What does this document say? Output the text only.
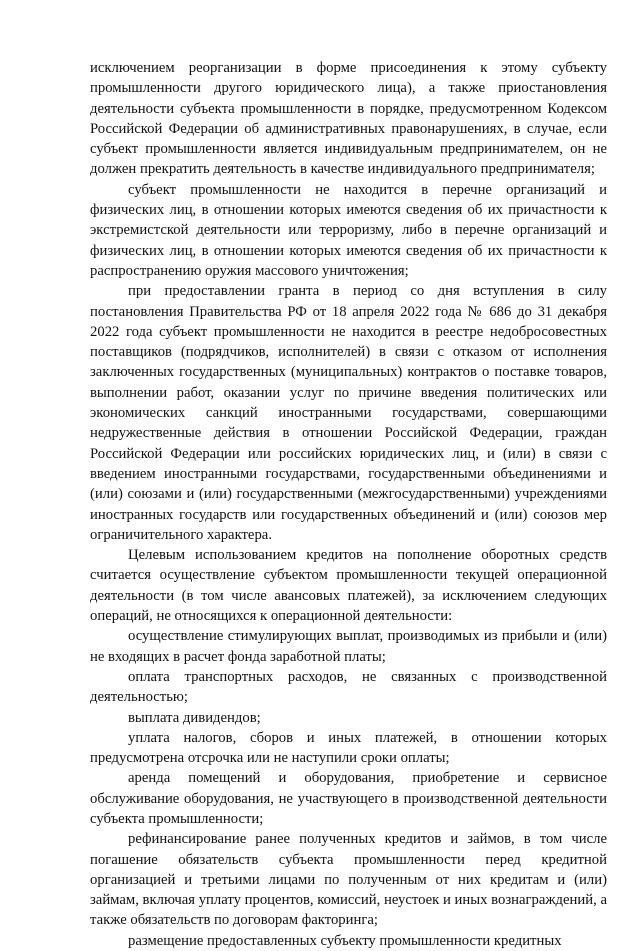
исключением реорганизации в форме присоединения к этому субъекту промышленности другого юридического лица), а также приостановления деятельности субъекта промышленности в порядке, предусмотренном Кодексом Российской Федерации об административных правонарушениях, в случае, если субъект промышленности является индивидуальным предпринимателем, он не должен прекратить деятельность в качестве индивидуального предпринимателя;

субъект промышленности не находится в перечне организаций и физических лиц, в отношении которых имеются сведения об их причастности к экстремистской деятельности или терроризму, либо в перечне организаций и физических лиц, в отношении которых имеются сведения об их причастности к распространению оружия массового уничтожения;

при предоставлении гранта в период со дня вступления в силу постановления Правительства РФ от 18 апреля 2022 года № 686 до 31 декабря 2022 года субъект промышленности не находится в реестре недобросовестных поставщиков (подрядчиков, исполнителей) в связи с отказом от исполнения заключенных государственных (муниципальных) контрактов о поставке товаров, выполнении работ, оказании услуг по причине введения политических или экономических санкций иностранными государствами, совершающими недружественные действия в отношении Российской Федерации, граждан Российской Федерации или российских юридических лиц, и (или) в связи с введением иностранными государствами, государственными объединениями и (или) союзами и (или) государственными (межгосударственными) учреждениями иностранных государств или государственных объединений и (или) союзов мер ограничительного характера.

Целевым использованием кредитов на пополнение оборотных средств считается осуществление субъектом промышленности текущей операционной деятельности (в том числе авансовых платежей), за исключением следующих операций, не относящихся к операционной деятельности:

осуществление стимулирующих выплат, производимых из прибыли и (или) не входящих в расчет фонда заработной платы;

оплата транспортных расходов, не связанных с производственной деятельностью;

выплата дивидендов;

уплата налогов, сборов и иных платежей, в отношении которых предусмотрена отсрочка или не наступили сроки оплаты;

аренда помещений и оборудования, приобретение и сервисное обслуживание оборудования, не участвующего в производственной деятельности субъекта промышленности;

рефинансирование ранее полученных кредитов и займов, в том числе погашение обязательств субъекта промышленности перед кредитной организацией и третьими лицами по полученным от них кредитам и (или) займам, включая уплату процентов, комиссий, неустоек и иных вознаграждений, а также обязательств по договорам факторинга;

размещение предоставленных субъекту промышленности кредитных
